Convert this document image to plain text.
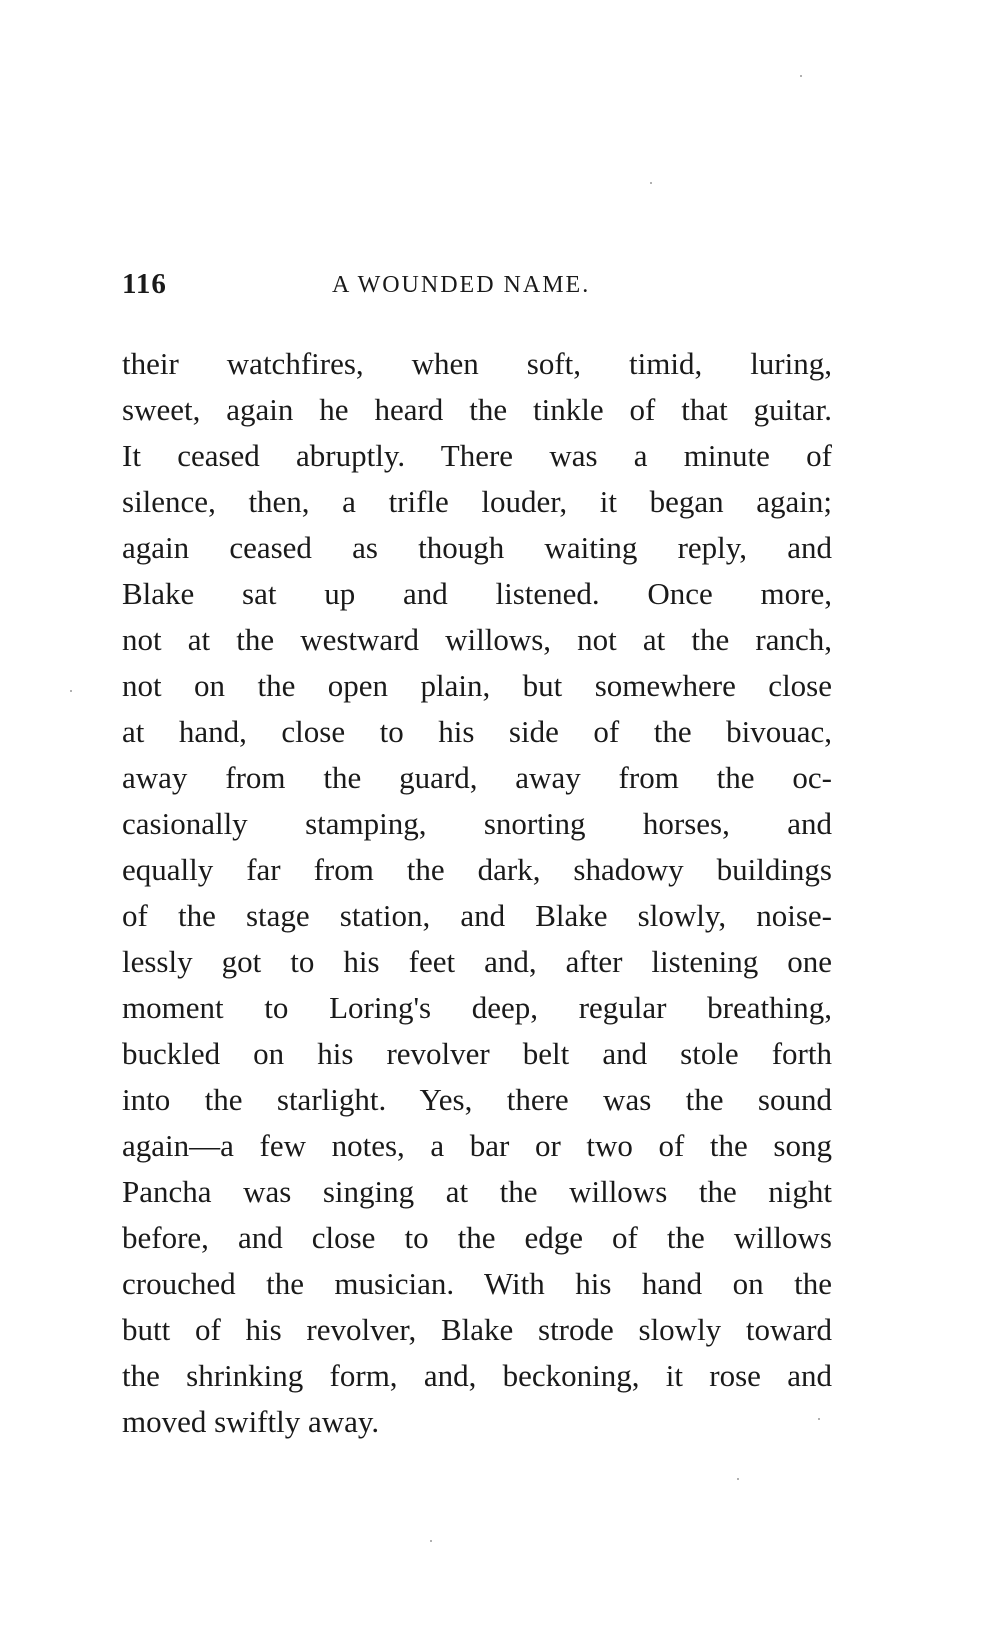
116	A WOUNDED NAME.
their watchfires, when soft, timid, luring,
sweet, again he heard the tinkle of that guitar.
It ceased abruptly. There was a minute of
silence, then, a trifle louder, it began again;
again ceased as though waiting reply, and
Blake sat up and listened. Once more,
not at the westward willows, not at the ranch,
not on the open plain, but somewhere close
at hand, close to his side of the bivouac,
away from the guard, away from the oc-
casionally stamping, snorting horses, and
equally far from the dark, shadowy buildings
of the stage station, and Blake slowly, noise-
lessly got to his feet and, after listening one
moment to Loring's deep, regular breathing,
buckled on his revolver belt and stole forth
into the starlight. Yes, there was the sound
again—a few notes, a bar or two of the song
Pancha was singing at the willows the night
before, and close to the edge of the willows
crouched the musician. With his hand on the
butt of his revolver, Blake strode slowly toward
the shrinking form, and, beckoning, it rose and
moved swiftly away.
